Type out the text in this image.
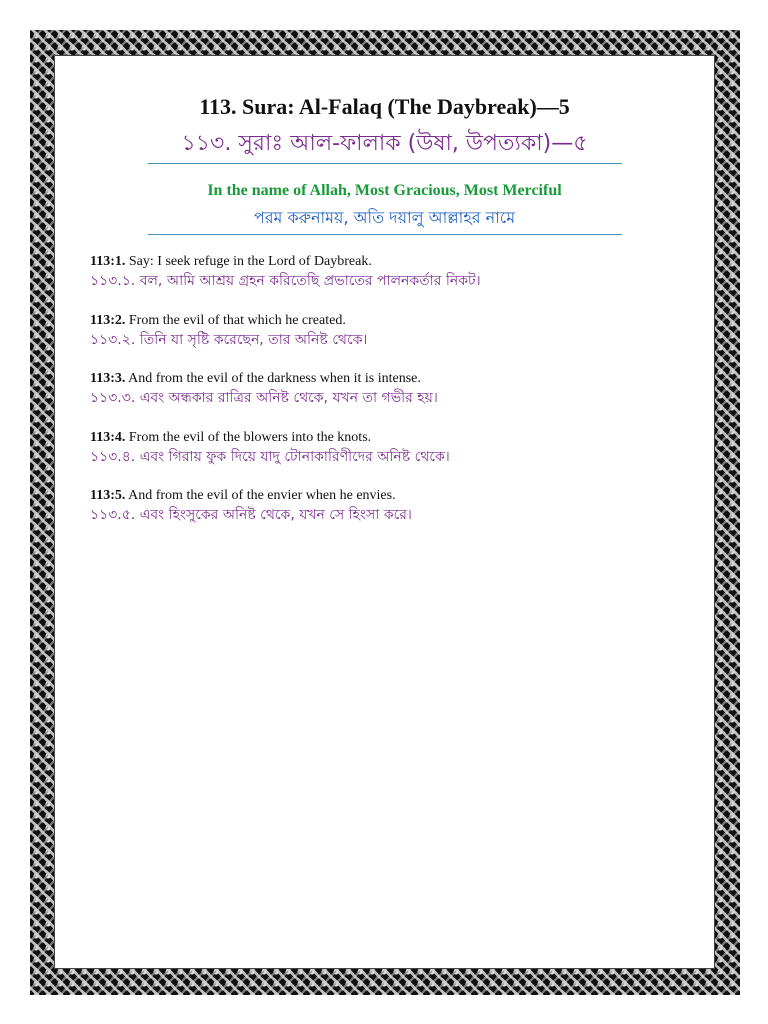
113. Sura: Al-Falaq (The Daybreak)—5
১১৩. সুরাঃ আল-ফালাক (উষা, উপত্যকা)—৫
In the name of Allah, Most Gracious, Most Merciful
পরম করুনাময়, অতি দয়ালু আল্লাহর নামে
113:1. Say: I seek refuge in the Lord of Daybreak.
১১৩.১. বল, আমি আশ্রয় গ্রহন করিতেছি প্রভাতের পালনকর্তার নিকট।
113:2. From the evil of that which he created.
১১৩.২. তিনি যা সৃষ্টি করেছেন, তার অনিষ্ট থেকে।
113:3. And from the evil of the darkness when it is intense.
১১৩.৩. এবং অন্ধকার রাত্রির অনিষ্ট থেকে, যখন তা গভীর হয়।
113:4. From the evil of the blowers into the knots.
১১৩.৪. এবং গিরায় ফুক দিয়ে যাদু টোনাকারিণীদের অনিষ্ট থেকে।
113:5. And from the evil of the envier when he envies.
১১৩.৫. এবং হিংসুকের অনিষ্ট থেকে, যখন সে হিংসা করে।
